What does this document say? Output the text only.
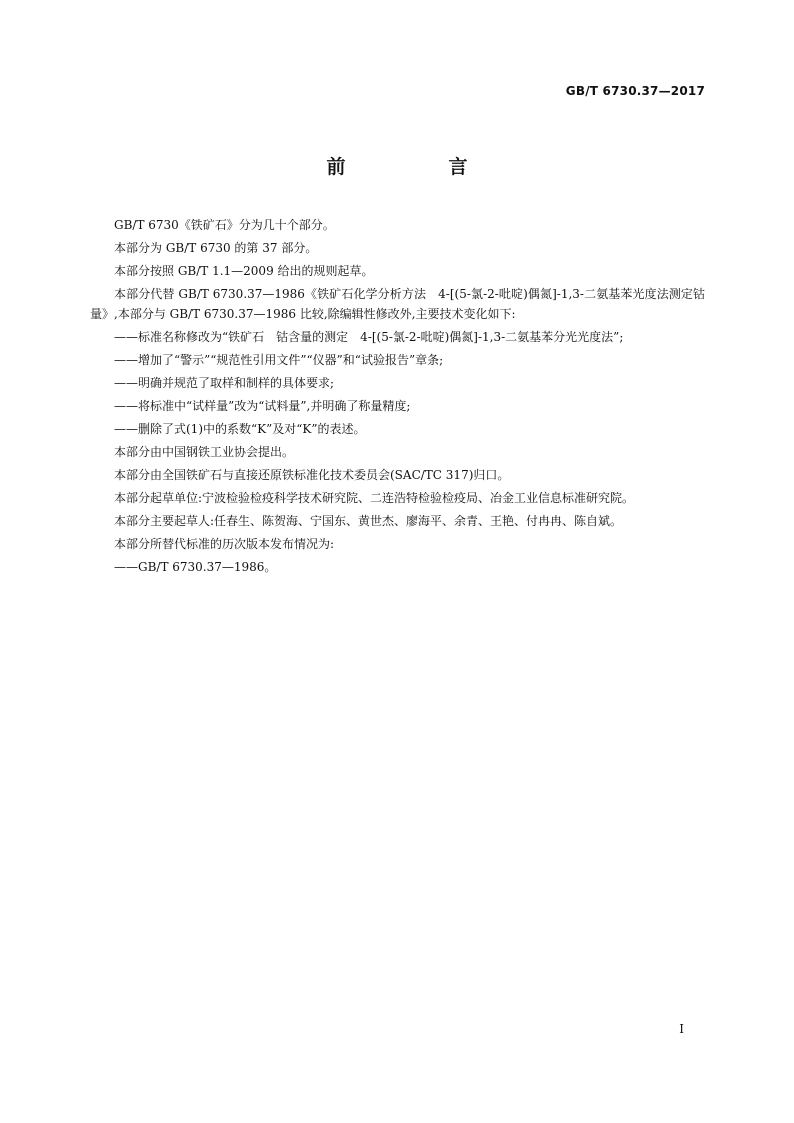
GB/T 6730.37—2017
前　言
GB/T 6730《铁矿石》分为几十个部分。
本部分为 GB/T 6730 的第 37 部分。
本部分按照 GB/T 1.1—2009 给出的规则起草。
本部分代替 GB/T 6730.37—1986《铁矿石化学分析方法　4-[(5-氯-2-吡啶)偶氮]-1,3-二氨基苯光度法测定钴量》,本部分与 GB/T 6730.37—1986 比较,除编辑性修改外,主要技术变化如下:
——标准名称修改为“铁矿石　钴含量的测定　4-[(5-氯-2-吡啶)偶氮]-1,3-二氨基苯分光光度法”;
——增加了“警示”“规范性引用文件”“仪器”和“试验报告”章条;
——明确并规范了取样和制样的具体要求;
——将标准中“试样量”改为“试料量”,并明确了称量精度;
——删除了式(1)中的系数“K”及对“K”的表述。
本部分由中国钢铁工业协会提出。
本部分由全国铁矿石与直接还原铁标准化技术委员会(SAC/TC 317)归口。
本部分起草单位:宁波检验检疫科学技术研究院、二连浩特检验检疫局、冶金工业信息标准研究院。
本部分主要起草人:任春生、陈贺海、宁国东、黄世杰、廖海平、余青、王艳、付冉冉、陈自斌。
本部分所替代标准的历次版本发布情况为:
——GB/T 6730.37—1986。
I
